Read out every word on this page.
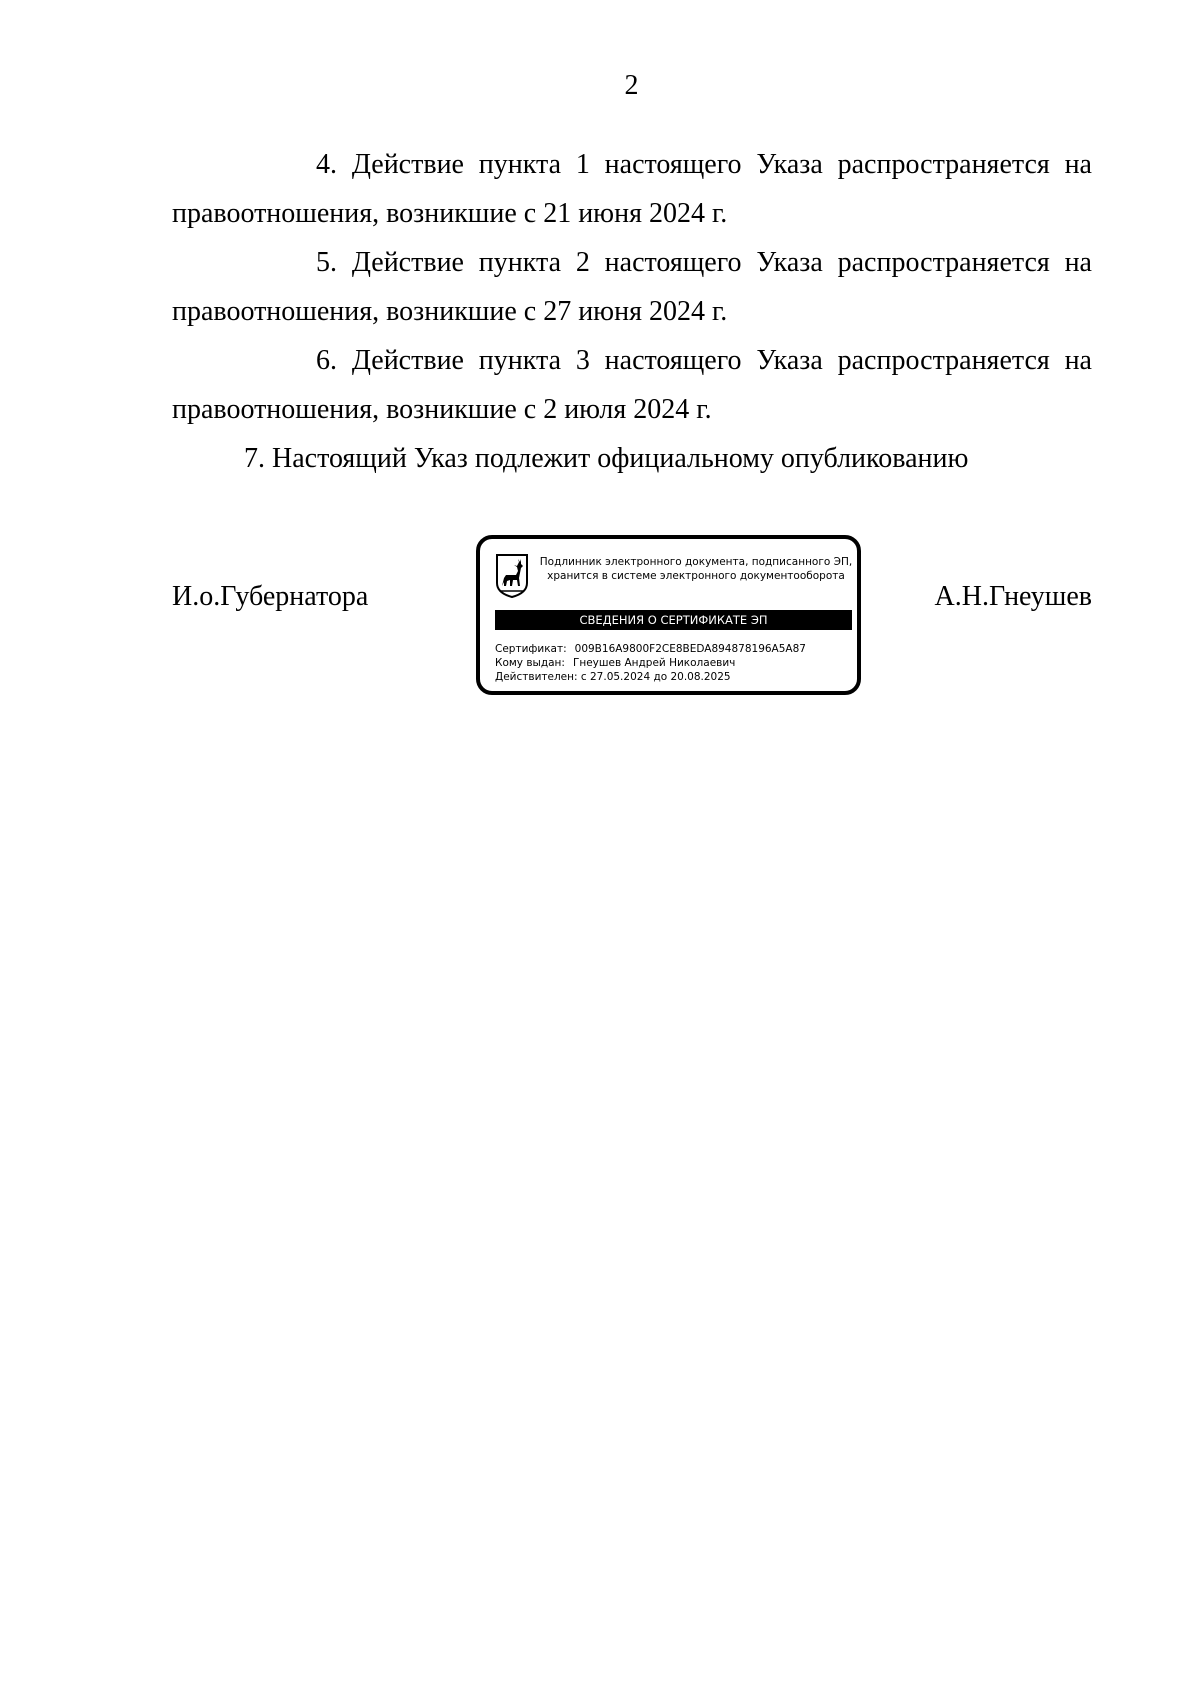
2

4. Действие пункта 1 настоящего Указа распространяется на правоотношения, возникшие с 21 июня 2024 г.

5. Действие пункта 2 настоящего Указа распространяется на правоотношения, возникшие с 27 июня 2024 г.

6. Действие пункта 3 настоящего Указа распространяется на правоотношения, возникшие с 2 июля 2024 г.

7. Настоящий Указ подлежит официальному опубликованию

И.о.Губернатора	А.Н.Гнеушев
Подлинник электронного документа, подписанного ЭП,
хранится в системе электронного документооборота
СВЕДЕНИЯ О СЕРТИФИКАТЕ ЭП
Сертификат: 009B16A9800F2CE8BEDA894878196A5A87
Кому выдан: Гнеушев Андрей Николаевич
Действителен: с 27.05.2024 до 20.08.2025
